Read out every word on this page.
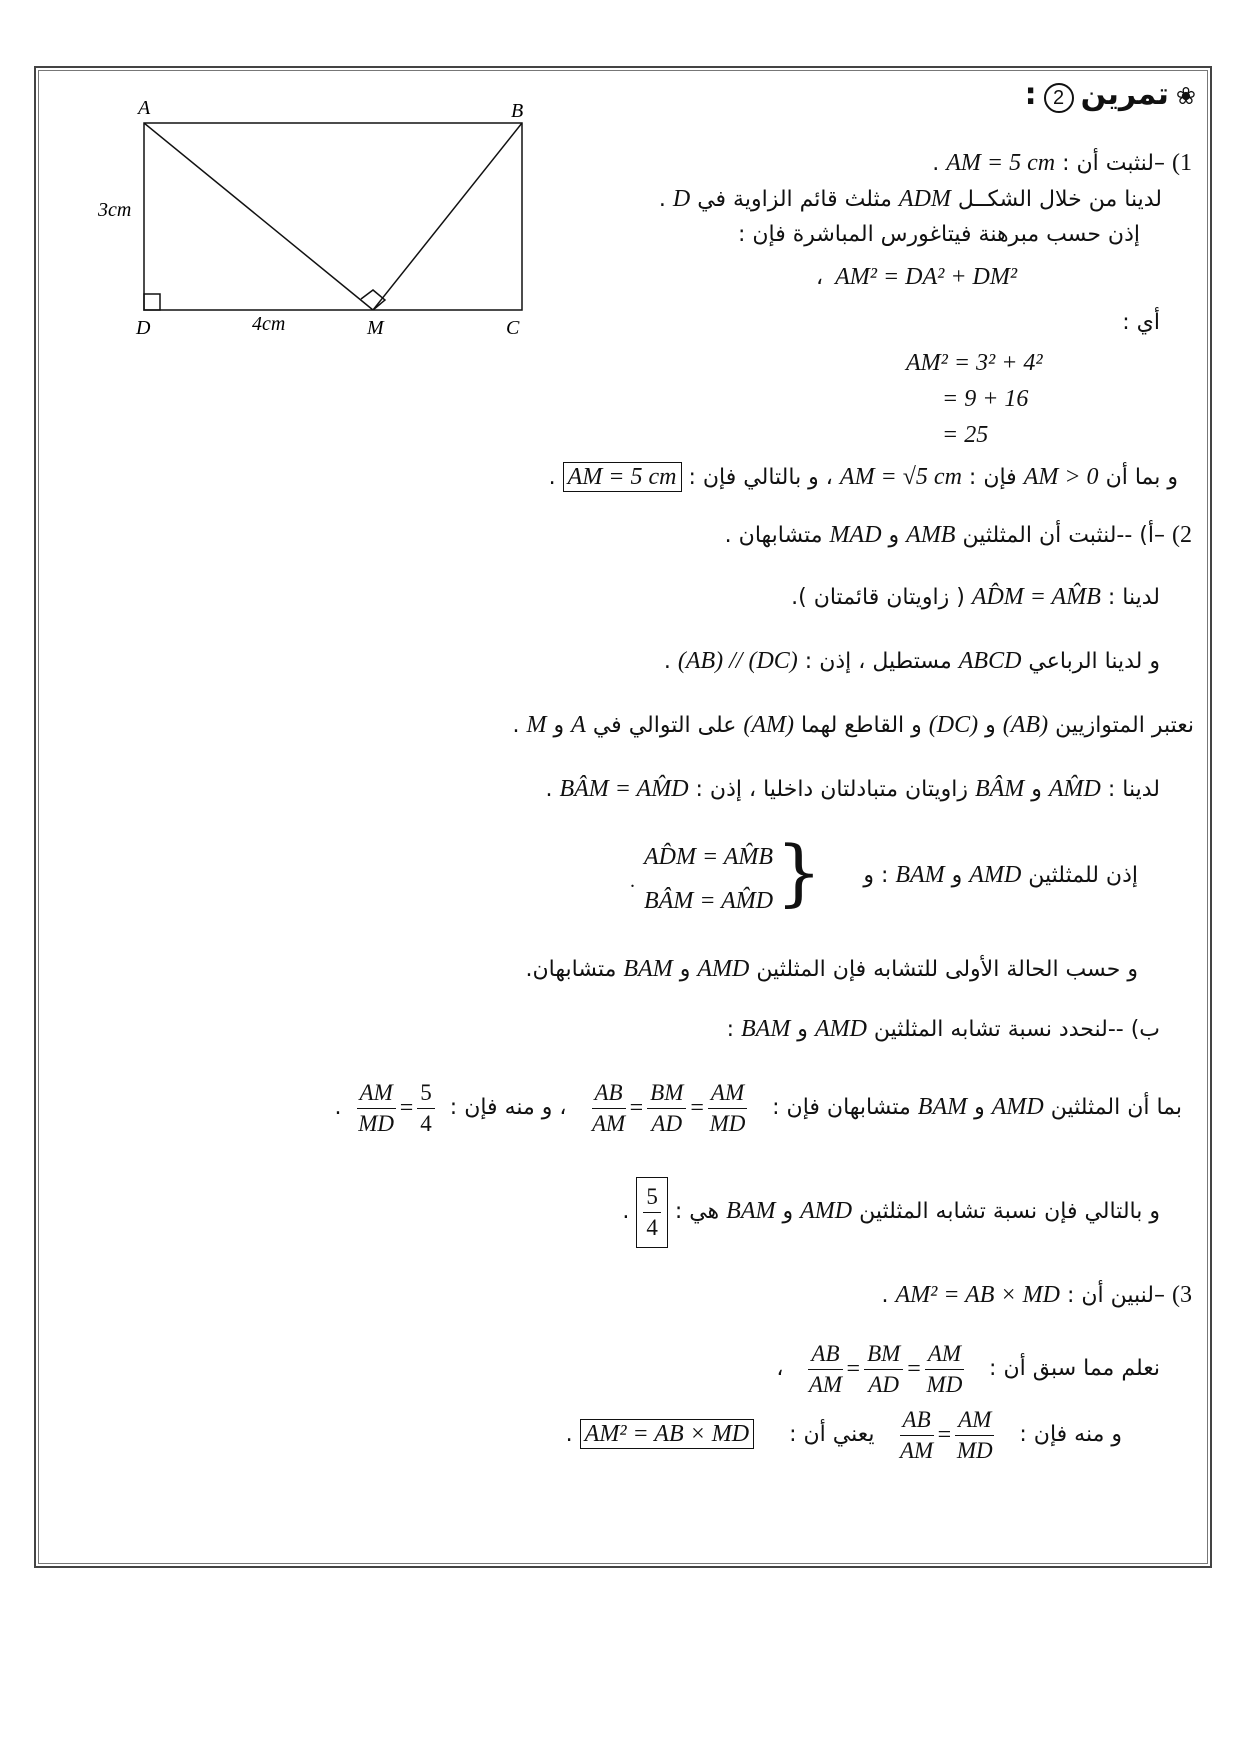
A	B
D	M	C
3cm
4cm
❀ تمرين 2 :
1) –لنثبت أن : AM = 5 cm .
لدينا من خلال الشكــل ADM مثلث قائم الزاوية في D .
إذن حسب مبرهنة فيتاغورس المباشرة فإن :
، AM² = DA² + DM²
أي :
AM² = 3² + 4²
= 9 + 16
= 25
و بما أن AM > 0 فإن : AM = √5 cm ، و بالتالي فإن : AM = 5 cm .
2) –أ) --لنثبت أن المثلثين AMB و MAD متشابهان .
لدينا : AD̂M = AM̂B ( زاويتان قائمتان ).
و لدينا الرباعي ABCD مستطيل ، إذن : (AB) // (DC) .
نعتبر المتوازيين (AB) و (DC) و القاطع لهما (AM) على التوالي في A و M .
لدينا : AM̂D و BÂM زاويتان متبادلتان داخليا ، إذن : BÂM = AM̂D .
إذن للمثلثين AMD و BAM : و
AD̂M = AM̂B
BÂM = AM̂D
. }
و حسب الحالة الأولى للتشابه فإن المثلثين AMD و BAM متشابهان.
ب) --لنحدد نسبة تشابه المثلثين AMD و BAM :
بما أن المثلثين AMD و BAM متشابهان فإن :
$\frac{AB}{AM} = \frac{BM}{AD} = \frac{AM}{MD}$
، و منه فإن :
$\frac{AM}{MD} = \frac{5}{4}$
.
و بالتالي فإن نسبة تشابه المثلثين AMD و BAM هي :
$\frac{5}{4}$
.
3) –لنبين أن : AM² = AB × MD .
نعلم مما سبق أن :
$\frac{AB}{AM} = \frac{BM}{AD} = \frac{AM}{MD}$
،
و منه فإن :
$\frac{AB}{AM} = \frac{AM}{MD}$
يعني أن : AM² = AB × MD .
